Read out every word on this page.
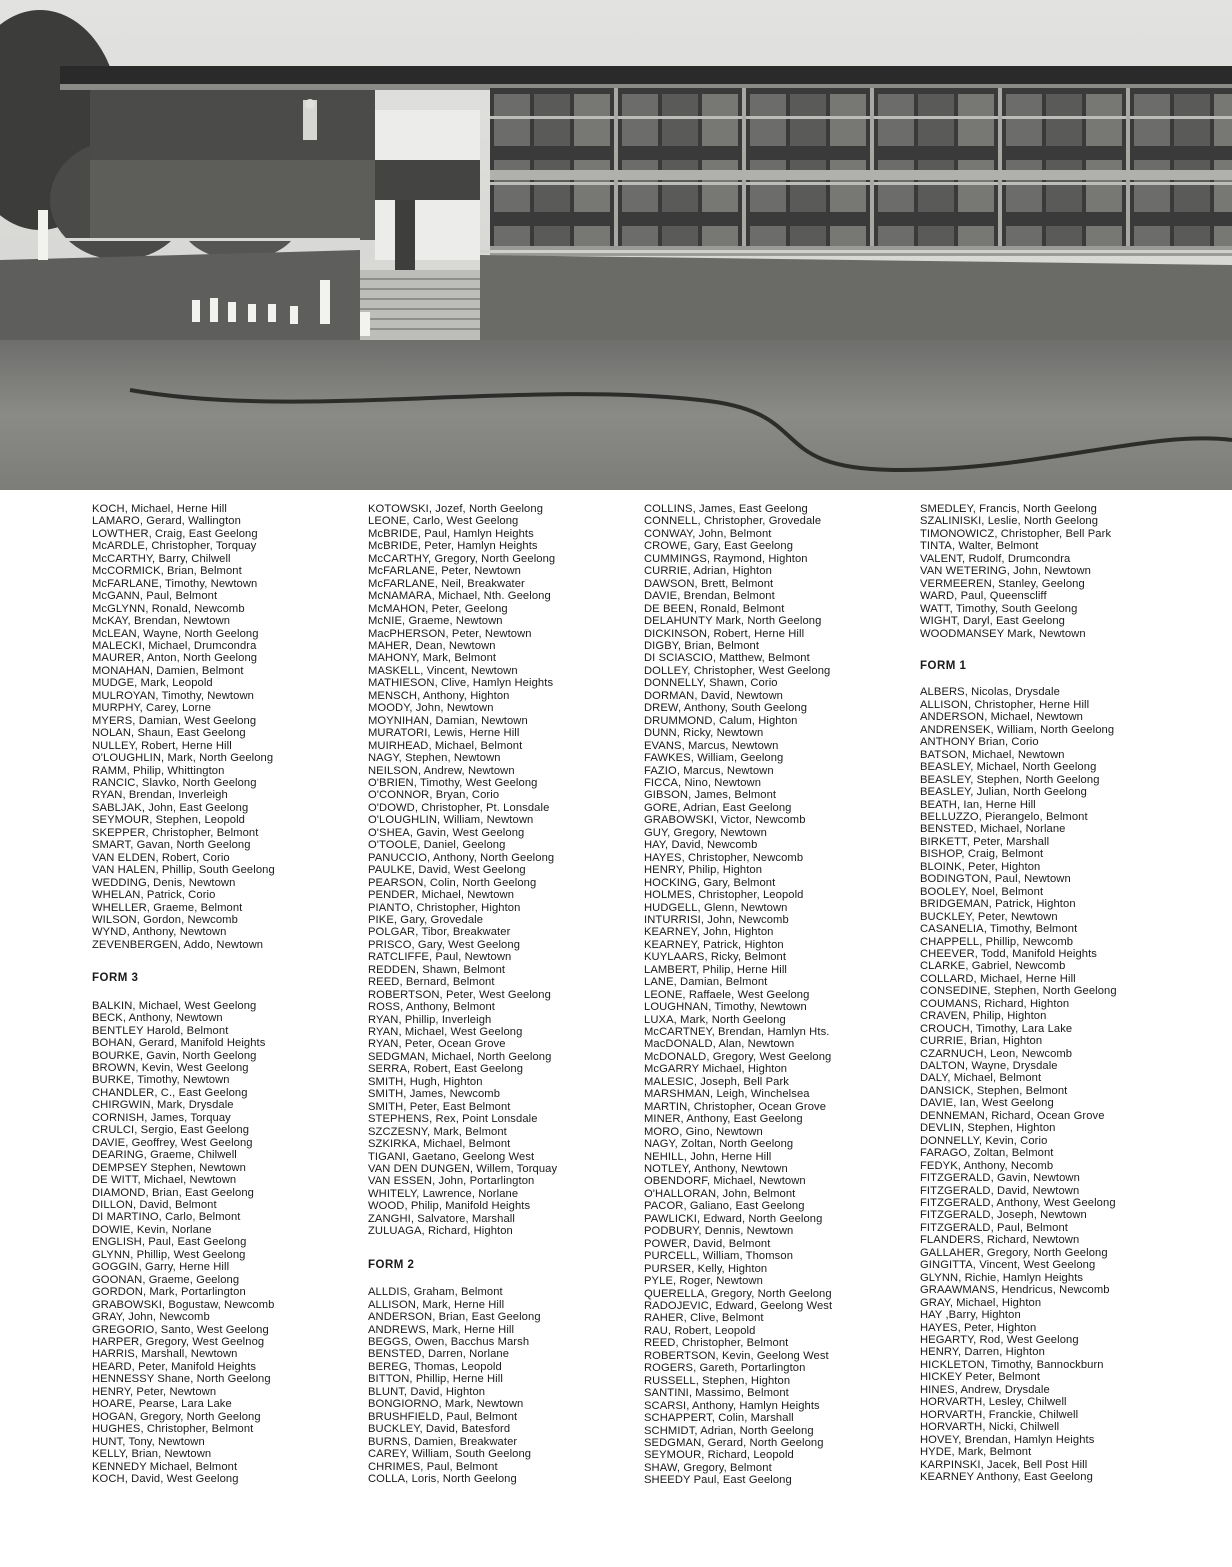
KOCH, Michael, Herne Hill
LAMARO, Gerard, Wallington
LOWTHER, Craig, East Geelong
McARDLE, Christopher, Torquay
McCARTHY, Barry, Chilwell
McCORMICK, Brian, Belmont
McFARLANE, Timothy, Newtown
McGANN, Paul, Belmont
McGLYNN, Ronald, Newcomb
McKAY, Brendan, Newtown
McLEAN, Wayne, North Geelong
MALECKI, Michael, Drumcondra
MAURER, Anton, North Geelong
MONAHAN, Damien, Belmont
MUDGE, Mark, Leopold
MULROYAN, Timothy, Newtown
MURPHY, Carey, Lorne
MYERS, Damian, West Geelong
NOLAN, Shaun, East Geelong
NULLEY, Robert, Herne Hill
O'LOUGHLIN, Mark, North Geelong
RAMM, Philip, Whittington
RANCIC, Slavko, North Geelong
RYAN, Brendan, Inverleigh
SABLJAK, John, East Geelong
SEYMOUR, Stephen, Leopold
SKEPPER, Christopher, Belmont
SMART, Gavan, North Geelong
VAN ELDEN, Robert, Corio
VAN HALEN, Phillip, South Geelong
WEDDING, Denis, Newtown
WHELAN, Patrick, Corio
WHELLER, Graeme, Belmont
WILSON, Gordon, Newcomb
WYND, Anthony, Newtown
ZEVENBERGEN, Addo, Newtown
FORM 3
BALKIN, Michael, West Geelong
BECK, Anthony, Newtown
BENTLEY Harold, Belmont
BOHAN, Gerard, Manifold Heights
BOURKE, Gavin, North Geelong
BROWN, Kevin, West Geelong
BURKE, Timothy, Newtown
CHANDLER, C., East Geelong
CHIRGWIN, Mark, Drysdale
CORNISH, James, Torquay
CRULCI, Sergio, East Geelong
DAVIE, Geoffrey, West Geelong
DEARING, Graeme, Chilwell
DEMPSEY Stephen, Newtown
DE WITT, Michael, Newtown
DIAMOND, Brian, East Geelong
DILLON, David, Belmont
DI MARTINO, Carlo, Belmont
DOWIE, Kevin, Norlane
ENGLISH, Paul, East Geelong
GLYNN, Phillip, West Geelong
GOGGIN, Garry, Herne Hill
GOONAN, Graeme, Geelong
GORDON, Mark, Portarlington
GRABOWSKI, Bogustaw, Newcomb
GRAY, John, Newcomb
GREGORIO, Santo, West Geelong
HARPER, Gregory, West Geelnog
HARRIS, Marshall, Newtown
HEARD, Peter, Manifold Heights
HENNESSY Shane, North Geelong
HENRY, Peter, Newtown
HOARE, Pearse, Lara Lake
HOGAN, Gregory, North Geelong
HUGHES, Christopher, Belmont
HUNT, Tony, Newtown
KELLY, Brian, Newtown
KENNEDY Michael, Belmont
KOCH, David, West Geelong
KOTOWSKI, Jozef, North Geelong
LEONE, Carlo, West Geelong
McBRIDE, Paul, Hamlyn Heights
McBRIDE, Peter, Hamlyn Heights
McCARTHY, Gregory, North Geelong
McFARLANE, Peter, Newtown
McFARLANE, Neil, Breakwater
McNAMARA, Michael, Nth. Geelong
McMAHON, Peter, Geelong
McNIE, Graeme, Newtown
MacPHERSON, Peter, Newtown
MAHER, Dean, Newtown
MAHONY, Mark, Belmont
MASKELL, Vincent, Newtown
MATHIESON, Clive, Hamlyn Heights
MENSCH, Anthony, Highton
MOODY, John, Newtown
MOYNIHAN, Damian, Newtown
MURATORI, Lewis, Herne Hill
MUIRHEAD, Michael, Belmont
NAGY, Stephen, Newtown
NEILSON, Andrew, Newtown
O'BRIEN, Timothy, West Geelong
O'CONNOR, Bryan, Corio
O'DOWD, Christopher, Pt. Lonsdale
O'LOUGHLIN, William, Newtown
O'SHEA, Gavin, West Geelong
O'TOOLE, Daniel, Geelong
PANUCCIO, Anthony, North Geelong
PAULKE, David, West Geelong
PEARSON, Colin, North Geelong
PENDER, Michael, Newtown
PIANTO, Christopher, Highton
PIKE, Gary, Grovedale
POLGAR, Tibor, Breakwater
PRISCO, Gary, West Geelong
RATCLIFFE, Paul, Newtown
REDDEN, Shawn, Belmont
REED, Bernard, Belmont
ROBERTSON, Peter, West Geelong
ROSS, Anthony, Belmont
RYAN, Phillip, Inverleigh
RYAN, Michael, West Geelong
RYAN, Peter, Ocean Grove
SEDGMAN, Michael, North Geelong
SERRA, Robert, East Geelong
SMITH, Hugh, Highton
SMITH, James, Newcomb
SMITH, Peter, East Belmont
STEPHENS, Rex, Point Lonsdale
SZCZESNY, Mark, Belmont
SZKIRKA, Michael, Belmont
TIGANI, Gaetano, Geelong West
VAN DEN DUNGEN, Willem, Torquay
VAN ESSEN, John, Portarlington
WHITELY, Lawrence, Norlane
WOOD, Philip, Manifold Heights
ZANGHI, Salvatore, Marshall
ZULUAGA, Richard, Highton
FORM 2
ALLDIS, Graham, Belmont
ALLISON, Mark, Herne Hill
ANDERSON, Brian, East Geelong
ANDREWS, Mark, Herne Hill
BEGGS, Owen, Bacchus Marsh
BENSTED, Darren, Norlane
BEREG, Thomas, Leopold
BITTON, Phillip, Herne Hill
BLUNT, David, Highton
BONGIORNO, Mark, Newtown
BRUSHFIELD, Paul, Belmont
BUCKLEY, David, Batesford
BURNS, Damien, Breakwater
CAREY, William, South Geelong
CHRIMES, Paul, Belmont
COLLA, Loris, North Geelong
COLLINS, James, East Geelong
CONNELL, Christopher, Grovedale
CONWAY, John, Belmont
CROWE, Gary, East Geelong
CUMMINGS, Raymond, Highton
CURRIE, Adrian, Highton
DAWSON, Brett, Belmont
DAVIE, Brendan, Belmont
DE BEEN, Ronald, Belmont
DELAHUNTY Mark, North Geelong
DICKINSON, Robert, Herne Hill
DIGBY, Brian, Belmont
DI SCIASCIO, Matthew, Belmont
DOLLEY, Christopher, West Geelong
DONNELLY, Shawn, Corio
DORMAN, David, Newtown
DREW, Anthony, South Geelong
DRUMMOND, Calum, Highton
DUNN, Ricky, Newtown
EVANS, Marcus, Newtown
FAWKES, William, Geelong
FAZIO, Marcus, Newtown
FICCA, Nino, Newtown
GIBSON, James, Belmont
GORE, Adrian, East Geelong
GRABOWSKI, Victor, Newcomb
GUY, Gregory, Newtown
HAY, David, Newcomb
HAYES, Christopher, Newcomb
HENRY, Philip, Highton
HOCKING, Gary, Belmont
HOLMES, Christopher, Leopold
HUDGELL, Glenn, Newtown
INTURRISI, John, Newcomb
KEARNEY, John, Highton
KEARNEY, Patrick, Highton
KUYLAARS, Ricky, Belmont
LAMBERT, Philip, Herne Hill
LANE, Damian, Belmont
LEONE, Raffaele, West Geelong
LOUGHNAN, Timothy, Newtown
LUXA, Mark, North Geelong
McCARTNEY, Brendan, Hamlyn Hts.
MacDONALD, Alan, Newtown
McDONALD, Gregory, West Geelong
McGARRY Michael, Highton
MALESIC, Joseph, Bell Park
MARSHMAN, Leigh, Winchelsea
MARTIN, Christopher, Ocean Grove
MINER, Anthony, East Geelong
MORO, Gino, Newtown
NAGY, Zoltan, North Geelong
NEHILL, John, Herne Hill
NOTLEY, Anthony, Newtown
OBENDORF, Michael, Newtown
O'HALLORAN, John, Belmont
PACOR, Galiano, East Geelong
PAWLICKI, Edward, North Geelong
PODBURY, Dennis, Newtown
POWER, David, Belmont
PURCELL, William, Thomson
PURSER, Kelly, Highton
PYLE, Roger, Newtown
QUERELLA, Gregory, North Geelong
RADOJEVIC, Edward, Geelong West
RAHER, Clive, Belmont
RAU, Robert, Leopold
REED, Christopher, Belmont
ROBERTSON, Kevin, Geelong West
ROGERS, Gareth, Portarlington
RUSSELL, Stephen, Highton
SANTINI, Massimo, Belmont
SCARSI, Anthony, Hamlyn Heights
SCHAPPERT, Colin, Marshall
SCHMIDT, Adrian, North Geelong
SEDGMAN, Gerard, North Geelong
SEYMOUR, Richard, Leopold
SHAW, Gregory, Belmont
SHEEDY Paul, East Geelong
SMEDLEY, Francis, North Geelong
SZALINISKI, Leslie, North Geelong
TIMONOWICZ, Christopher, Bell Park
TINTA, Walter, Belmont
VALENT, Rudolf, Drumcondra
VAN WETERING, John, Newtown
VERMEEREN, Stanley, Geelong
WARD, Paul, Queenscliff
WATT, Timothy, South Geelong
WIGHT, Daryl, East Geelong
WOODMANSEY Mark, Newtown
FORM 1
ALBERS, Nicolas, Drysdale
ALLISON, Christopher, Herne Hill
ANDERSON, Michael, Newtown
ANDRENSEK, William, North Geelong
ANTHONY Brian, Corio
BATSON, Michael, Newtown
BEASLEY, Michael, North Geelong
BEASLEY, Stephen, North Geelong
BEASLEY, Julian, North Geelong
BEATH, Ian, Herne Hill
BELLUZZO, Pierangelo, Belmont
BENSTED, Michael, Norlane
BIRKETT, Peter, Marshall
BISHOP, Craig, Belmont
BLOINK, Peter, Highton
BODINGTON, Paul, Newtown
BOOLEY, Noel, Belmont
BRIDGEMAN, Patrick, Highton
BUCKLEY, Peter, Newtown
CASANELIA, Timothy, Belmont
CHAPPELL, Phillip, Newcomb
CHEEVER, Todd, Manifold Heights
CLARKE, Gabriel, Newcomb
COLLARD, Michael, Herne Hill
CONSEDINE, Stephen, North Geelong
COUMANS, Richard, Highton
CRAVEN, Philip, Highton
CROUCH, Timothy, Lara Lake
CURRIE, Brian, Highton
CZARNUCH, Leon, Newcomb
DALTON, Wayne, Drysdale
DALY, Michael, Belmont
DANSICK, Stephen, Belmont
DAVIE, Ian, West Geelong
DENNEMAN, Richard, Ocean Grove
DEVLIN, Stephen, Highton
DONNELLY, Kevin, Corio
FARAGO, Zoltan, Belmont
FEDYK, Anthony, Necomb
FITZGERALD, Gavin, Newtown
FITZGERALD, David, Newtown
FITZGERALD, Anthony, West Geelong
FITZGERALD, Joseph, Newtown
FITZGERALD, Paul, Belmont
FLANDERS, Richard, Newtown
GALLAHER, Gregory, North Geelong
GINGITTA, Vincent, West Geelong
GLYNN, Richie, Hamlyn Heights
GRAAWMANS, Hendricus, Newcomb
GRAY, Michael, Highton
HAY ,Barry, Highton
HAYES, Peter, Highton
HEGARTY, Rod, West Geelong
HENRY, Darren, Highton
HICKLETON, Timothy, Bannockburn
HICKEY Peter, Belmont
HINES, Andrew, Drysdale
HORVARTH, Lesley, Chilwell
HORVARTH, Franckie, Chilwell
HORVARTH, Nicki, Chilwell
HOVEY, Brendan, Hamlyn Heights
HYDE, Mark, Belmont
KARPINSKI, Jacek, Bell Post Hill
KEARNEY Anthony, East Geelong
